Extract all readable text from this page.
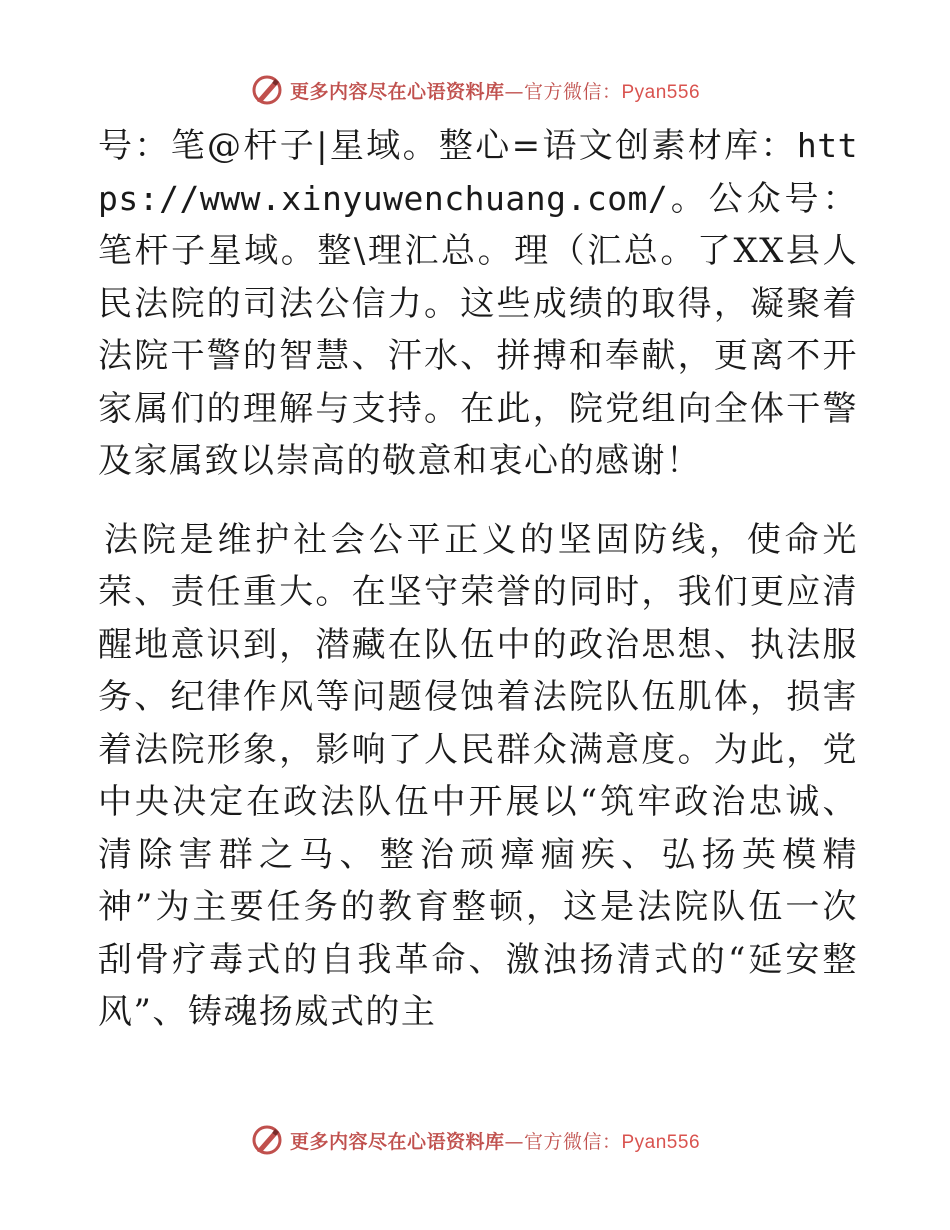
更多内容尽在心语资料库—官方微信：Pyan556

号：笔@杆子|星域。整心=语文创素材库：https://www.xinyuwenchuang.com/。公众号：笔杆子星域。整\理汇总。理（汇总。了XX县人民法院的司法公信力。这些成绩的取得，凝聚着法院干警的智慧、汗水、拼搏和奉献，更离不开家属们的理解与支持。在此，院党组向全体干警及家属致以崇高的敬意和衷心的感谢！

法院是维护社会公平正义的坚固防线，使命光荣、责任重大。在坚守荣誉的同时，我们更应清醒地意识到，潜藏在队伍中的政治思想、执法服务、纪律作风等问题侵蚀着法院队伍肌体，损害着法院形象，影响了人民群众满意度。为此，党中央决定在政法队伍中开展以“筑牢政治忠诚、清除害群之马、整治顽瘴痼疾、弘扬英模精神”为主要任务的教育整顿，这是法院队伍一次刮骨疗毒式的自我革命、激浊扬清式的“延安整风”、铸魂扬威式的主

更多内容尽在心语资料库—官方微信：Pyan556
